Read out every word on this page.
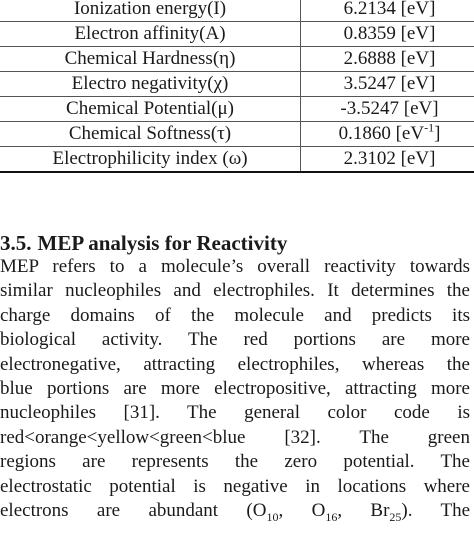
Ionization energy(I)	6.2134 [eV]
Electron affinity(A)	0.8359 [eV]
Chemical Hardness(η)	2.6888 [eV]
Electro negativity(χ)	3.5247 [eV]
Chemical Potential(μ)	-3.5247 [eV]
Chemical Softness(τ)	0.1860 $[eV^{-1}]$
Electrophilicity index (ω)	2.3102 [eV]
3.5. MEP analysis for Reactivity
MEP refers to a molecule’s overall reactivity towards
similar nucleophiles and electrophiles. It determines the
charge domains of the molecule and predicts its
biological activity. The red portions are more
electronegative, attracting electrophiles, whereas the
blue portions are more electropositive, attracting more
nucleophiles [31]. The general color code is
red<orange<yellow<green<blue [32]. The green
regions are represents the zero potential. The
electrostatic potential is negative in locations where
electrons are abundant ($O_{10}$, $O_{16}$, $Br_{25}$). The
